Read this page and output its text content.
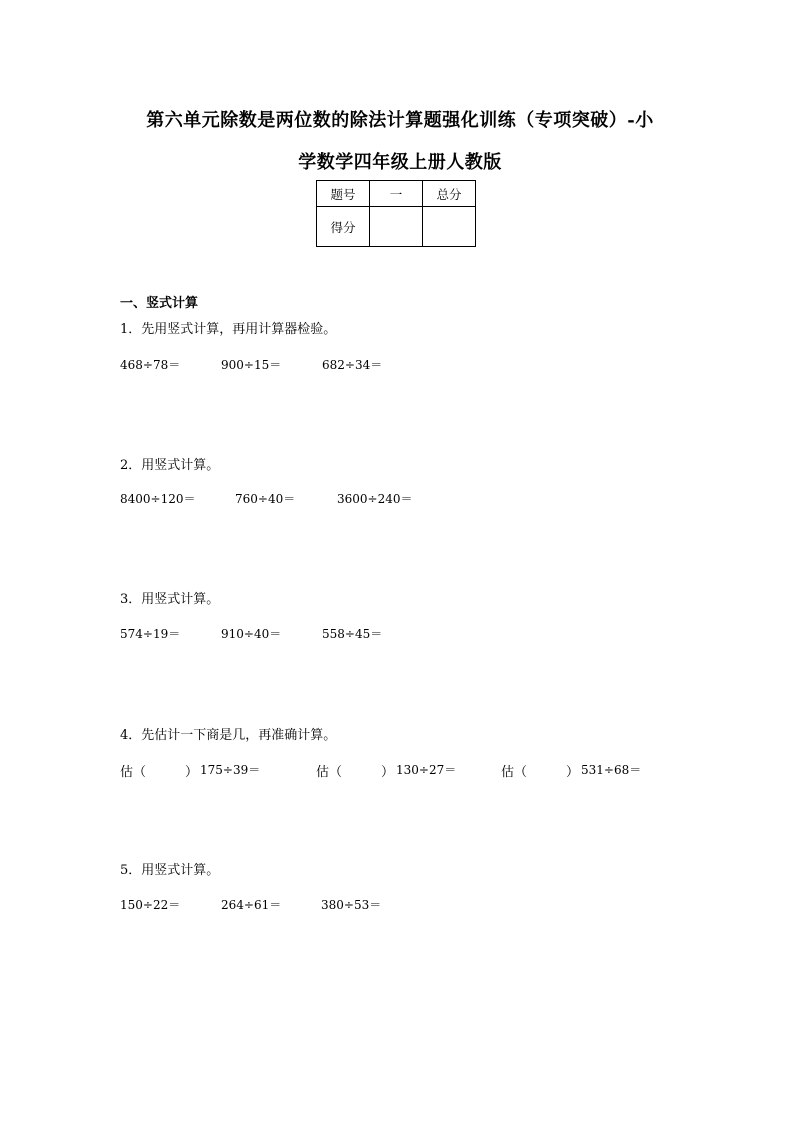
第六单元除数是两位数的除法计算题强化训练（专项突破）-小
学数学四年级上册人教版
题号	一	总分
得分		
一、竖式计算
1．先用竖式计算，再用计算器检验。
468÷78＝	900÷15＝	682÷34＝
2．用竖式计算。
8400÷120＝	760÷40＝	3600÷240＝
3．用竖式计算。
574÷19＝	910÷40＝	558÷45＝
4．先估计一下商是几，再准确计算。
估（	） 175÷39＝	估（	） 130÷27＝	估（	） 531÷68＝
5．用竖式计算。
150÷22＝	264÷61＝	380÷53＝
